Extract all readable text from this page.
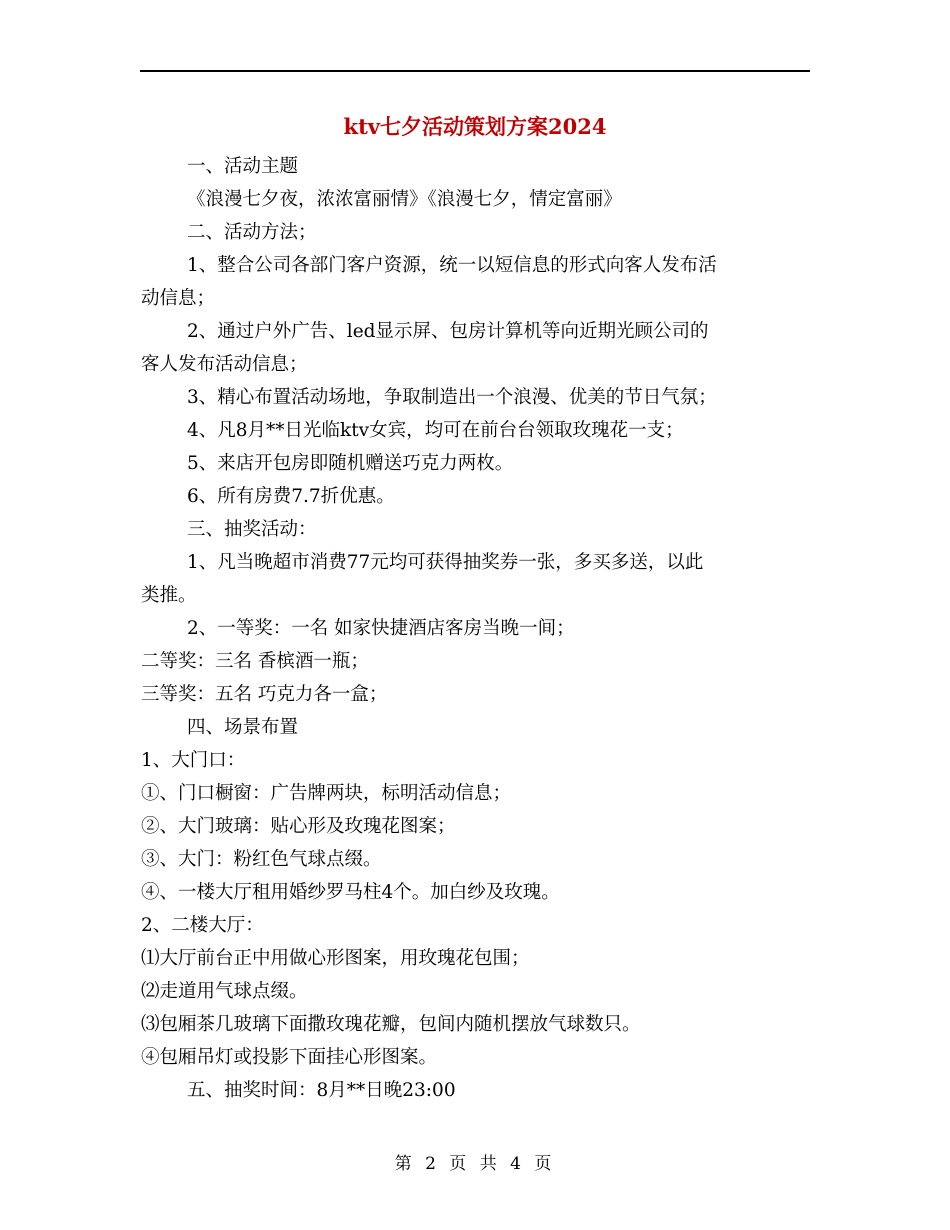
ktv七夕活动策划方案2024
一、活动主题
《浪漫七夕夜，浓浓富丽情》《浪漫七夕，情定富丽》
二、活动方法；
1、整合公司各部门客户资源，统一以短信息的形式向客人发布活
动信息；
2、通过户外广告、led显示屏、包房计算机等向近期光顾公司的
客人发布活动信息；
3、精心布置活动场地，争取制造出一个浪漫、优美的节日气氛；
4、凡8月**日光临ktv女宾，均可在前台台领取玫瑰花一支；
5、来店开包房即随机赠送巧克力两枚。
6、所有房费7.7折优惠。
三、抽奖活动：
1、凡当晚超市消费77元均可获得抽奖券一张，多买多送，以此
类推。
2、一等奖：一名 如家快捷酒店客房当晚一间；
二等奖：三名 香槟酒一瓶；
三等奖：五名 巧克力各一盒；
四、场景布置
1、大门口：
①、门口橱窗：广告牌两块，标明活动信息；
②、大门玻璃：贴心形及玫瑰花图案；
③、大门：粉红色气球点缀。
④、一楼大厅租用婚纱罗马柱4个。加白纱及玫瑰。
2、二楼大厅：
⑴大厅前台正中用做心形图案，用玫瑰花包围；
⑵走道用气球点缀。
⑶包厢茶几玻璃下面撒玫瑰花瓣，包间内随机摆放气球数只。
④包厢吊灯或投影下面挂心形图案。
五、抽奖时间：8月**日晚23:00
第 2 页 共 4 页
